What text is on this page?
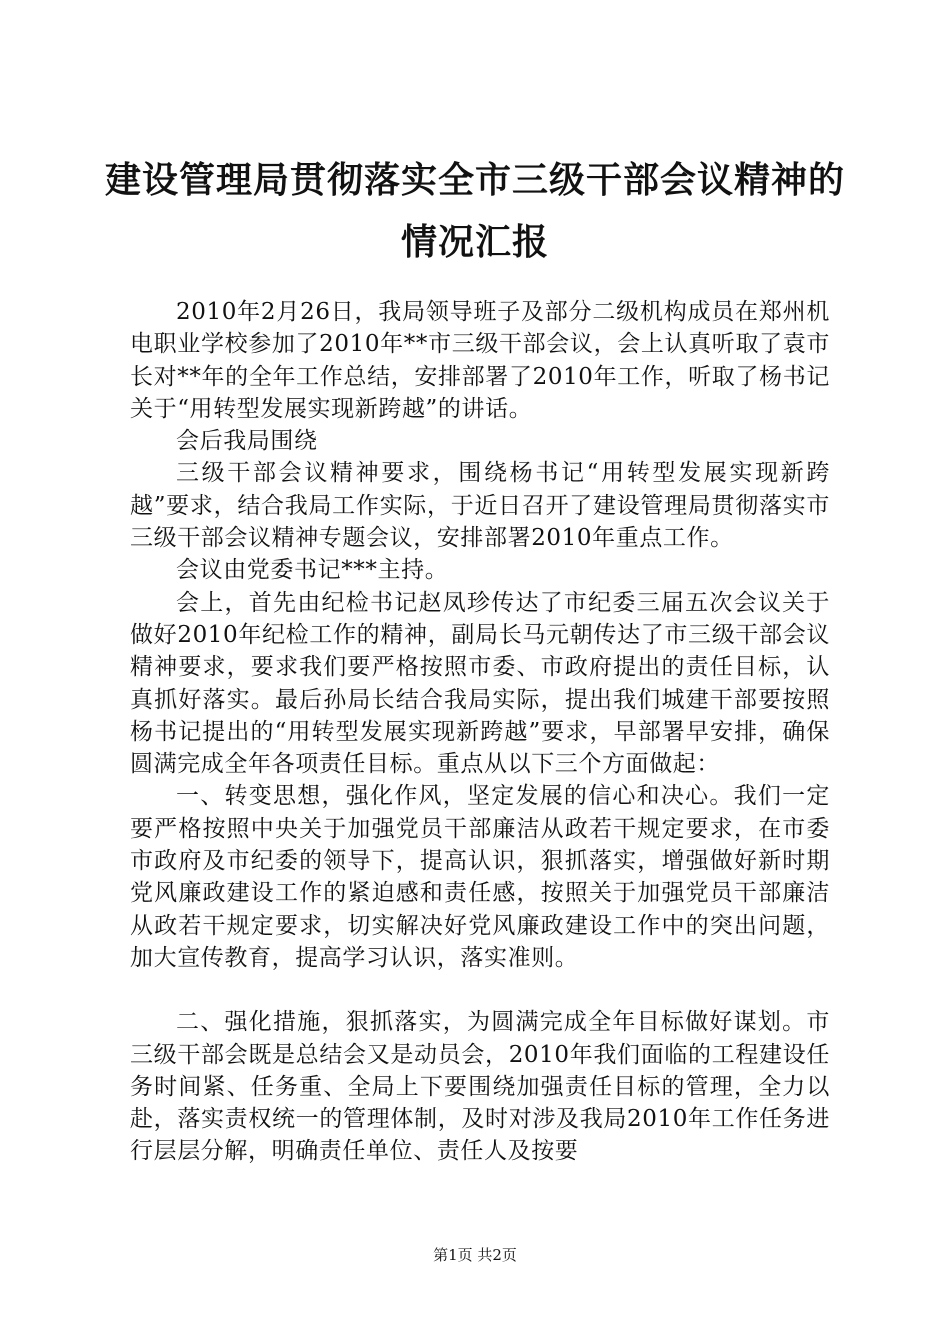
建设管理局贯彻落实全市三级干部会议精神的
情况汇报

2010年2月26日，我局领导班子及部分二级机构成员在郑州机电职业学校参加了2010年**市三级干部会议，会上认真听取了袁市长对**年的全年工作总结，安排部署了2010年工作，听取了杨书记关于“用转型发展实现新跨越”的讲话。

会后我局围绕

三级干部会议精神要求，围绕杨书记“用转型发展实现新跨越”要求，结合我局工作实际，于近日召开了建设管理局贯彻落实市三级干部会议精神专题会议，安排部署2010年重点工作。

会议由党委书记***主持。

会上，首先由纪检书记赵凤珍传达了市纪委三届五次会议关于做好2010年纪检工作的精神，副局长马元朝传达了市三级干部会议精神要求，要求我们要严格按照市委、市政府提出的责任目标，认真抓好落实。最后孙局长结合我局实际，提出我们城建干部要按照杨书记提出的“用转型发展实现新跨越”要求，早部署早安排，确保圆满完成全年各项责任目标。重点从以下三个方面做起：

一、转变思想，强化作风，坚定发展的信心和决心。我们一定要严格按照中央关于加强党员干部廉洁从政若干规定要求，在市委市政府及市纪委的领导下，提高认识，狠抓落实，增强做好新时期党风廉政建设工作的紧迫感和责任感，按照关于加强党员干部廉洁从政若干规定要求，切实解决好党风廉政建设工作中的突出问题，加大宣传教育，提高学习认识，落实准则。

二、强化措施，狠抓落实，为圆满完成全年目标做好谋划。市三级干部会既是总结会又是动员会，2010年我们面临的工程建设任务时间紧、任务重、全局上下要围绕加强责任目标的管理，全力以赴，落实责权统一的管理体制，及时对涉及我局2010年工作任务进行层层分解，明确责任单位、责任人及按要

第1页 共2页
